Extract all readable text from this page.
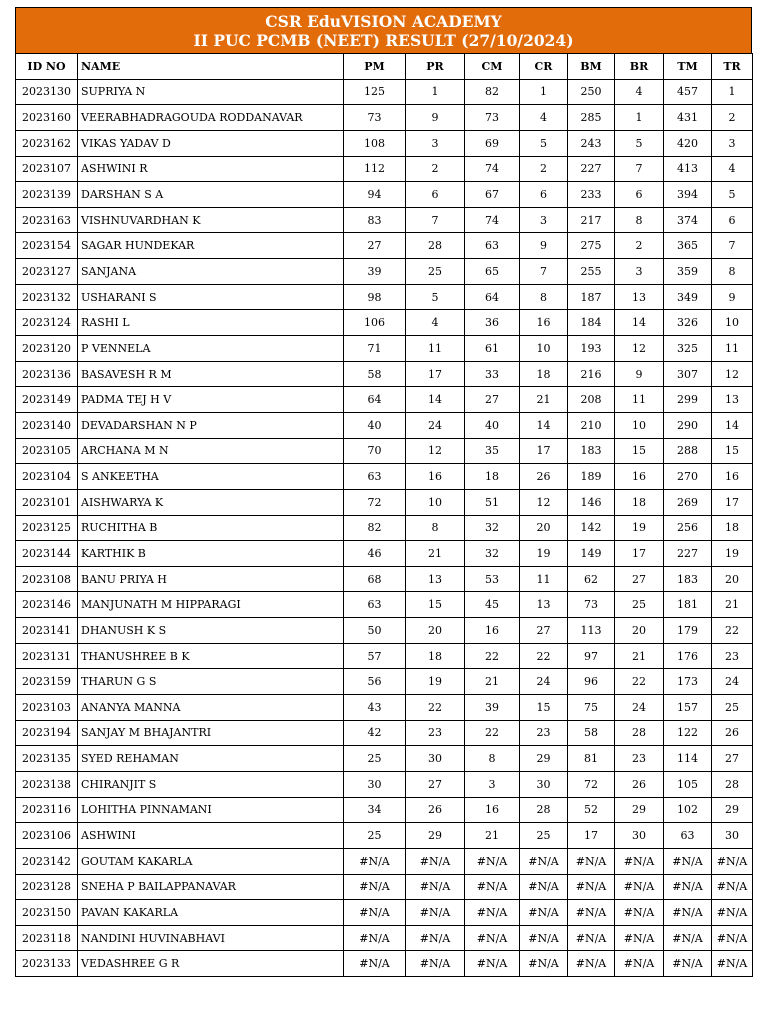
CSR EduVISION ACADEMY
II PUC PCMB (NEET) RESULT (27/10/2024)
ID NO	NAME	PM	PR	CM	CR	BM	BR	TM	TR
2023130	SUPRIYA N	125	1	82	1	250	4	457	1
2023160	VEERABHADRAGOUDA RODDANAVAR	73	9	73	4	285	1	431	2
2023162	VIKAS YADAV D	108	3	69	5	243	5	420	3
2023107	ASHWINI R	112	2	74	2	227	7	413	4
2023139	DARSHAN S A	94	6	67	6	233	6	394	5
2023163	VISHNUVARDHAN K	83	7	74	3	217	8	374	6
2023154	SAGAR HUNDEKAR	27	28	63	9	275	2	365	7
2023127	SANJANA	39	25	65	7	255	3	359	8
2023132	USHARANI S	98	5	64	8	187	13	349	9
2023124	RASHI L	106	4	36	16	184	14	326	10
2023120	P VENNELA	71	11	61	10	193	12	325	11
2023136	BASAVESH R M	58	17	33	18	216	9	307	12
2023149	PADMA TEJ H V	64	14	27	21	208	11	299	13
2023140	DEVADARSHAN N P	40	24	40	14	210	10	290	14
2023105	ARCHANA M N	70	12	35	17	183	15	288	15
2023104	S ANKEETHA	63	16	18	26	189	16	270	16
2023101	AISHWARYA K	72	10	51	12	146	18	269	17
2023125	RUCHITHA B	82	8	32	20	142	19	256	18
2023144	KARTHIK B	46	21	32	19	149	17	227	19
2023108	BANU PRIYA H	68	13	53	11	62	27	183	20
2023146	MANJUNATH M HIPPARAGI	63	15	45	13	73	25	181	21
2023141	DHANUSH K S	50	20	16	27	113	20	179	22
2023131	THANUSHREE B K	57	18	22	22	97	21	176	23
2023159	THARUN G S	56	19	21	24	96	22	173	24
2023103	ANANYA MANNA	43	22	39	15	75	24	157	25
2023194	SANJAY M BHAJANTRI	42	23	22	23	58	28	122	26
2023135	SYED REHAMAN	25	30	8	29	81	23	114	27
2023138	CHIRANJIT S	30	27	3	30	72	26	105	28
2023116	LOHITHA PINNAMANI	34	26	16	28	52	29	102	29
2023106	ASHWINI	25	29	21	25	17	30	63	30
2023142	GOUTAM KAKARLA	#N/A	#N/A	#N/A	#N/A	#N/A	#N/A	#N/A	#N/A
2023128	SNEHA P BAILAPPANAVAR	#N/A	#N/A	#N/A	#N/A	#N/A	#N/A	#N/A	#N/A
2023150	PAVAN KAKARLA	#N/A	#N/A	#N/A	#N/A	#N/A	#N/A	#N/A	#N/A
2023118	NANDINI HUVINABHAVI	#N/A	#N/A	#N/A	#N/A	#N/A	#N/A	#N/A	#N/A
2023133	VEDASHREE G R	#N/A	#N/A	#N/A	#N/A	#N/A	#N/A	#N/A	#N/A
